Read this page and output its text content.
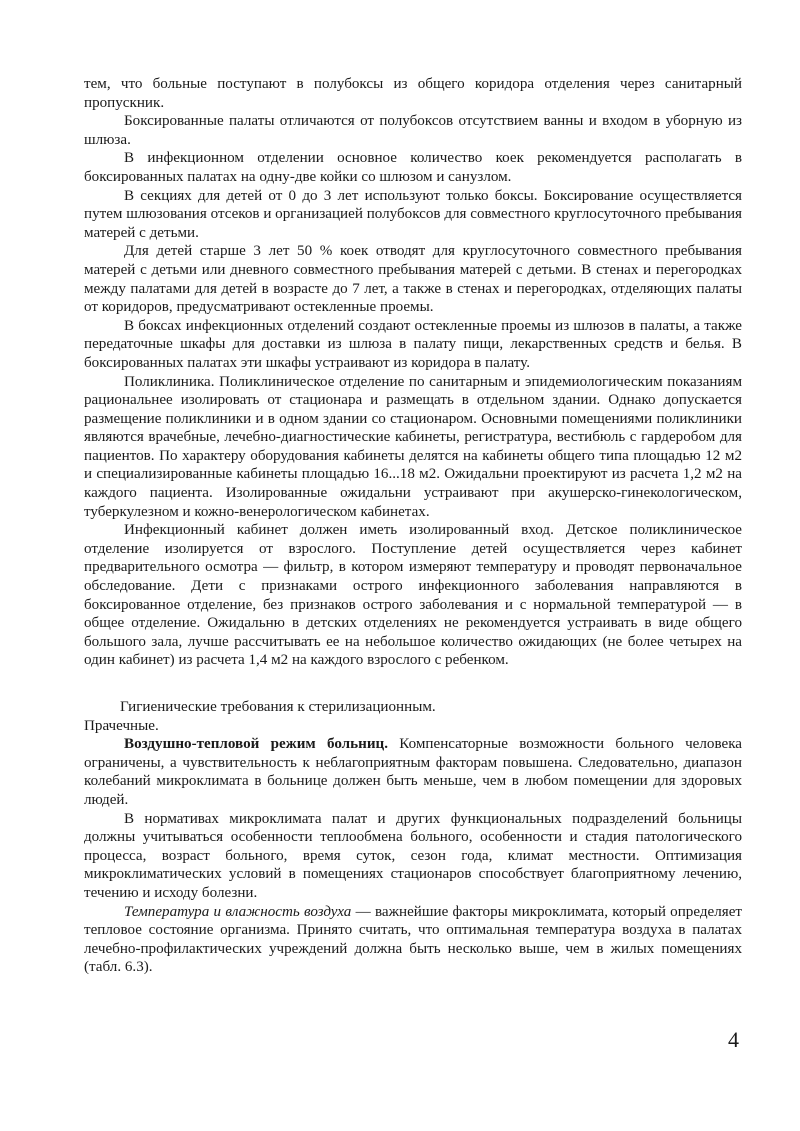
тем, что больные поступают в полубоксы из общего коридора отделения через санитарный пропускник.

Боксированные палаты отличаются от полубоксов отсутствием ванны и входом в уборную из шлюза.

В инфекционном отделении основное количество коек рекомендуется располагать в боксированных палатах на одну-две койки со шлюзом и санузлом.

В секциях для детей от 0 до 3 лет используют только боксы. Боксирование осуществляется путем шлюзования отсеков и организацией полубоксов для совместного круглосуточного пребывания матерей с детьми.

Для детей старше 3 лет 50 % коек отводят для круглосуточного совместного пребывания матерей с детьми или дневного совместного пребывания матерей с детьми. В стенах и перегородках между палатами для детей в возрасте до 7 лет, а также в стенах и перегородках, отделяющих палаты от коридоров, предусматривают остекленные проемы.

В боксах инфекционных отделений создают остекленные проемы из шлюзов в палаты, а также передаточные шкафы для доставки из шлюза в палату пищи, лекарственных средств и белья. В боксированных палатах эти шкафы устраивают из коридора в палату.

Поликлиника. Поликлиническое отделение по санитарным и эпидемиологическим показаниям рациональнее изолировать от стационара и размещать в отдельном здании. Однако допускается размещение поликлиники и в одном здании со стационаром. Основными помещениями поликлиники являются врачебные, лечебно-диагностические кабинеты, регистратура, вестибюль с гардеробом для пациентов. По характеру оборудования кабинеты делятся на кабинеты общего типа площадью 12 м2 и специализированные кабинеты площадью 16...18 м2. Ожидальни проектируют из расчета 1,2 м2 на каждого пациента. Изолированные ожидальни устраивают при акушерско-гинекологическом, туберкулезном и кожно-венерологическом кабинетах.

Инфекционный кабинет должен иметь изолированный вход. Детское поликлиническое отделение изолируется от взрослого. Поступление детей осуществляется через кабинет предварительного осмотра — фильтр, в котором измеряют температуру и проводят первоначальное обследование. Дети с признаками острого инфекционного заболевания направляются в боксированное отделение, без признаков острого заболевания и с нормальной температурой — в общее отделение. Ожидальню в детских отделениях не рекомендуется устраивать в виде общего большого зала, лучше рассчитывать ее на небольшое количество ожидающих (не более четырех на один кабинет) из расчета 1,4 м2 на каждого взрослого с ребенком.

Гигиенические требования к стерилизационным.

Прачечные.

Воздушно-тепловой режим больниц. Компенсаторные возможности больного человека ограничены, а чувствительность к неблагоприятным факторам повышена. Следовательно, диапазон колебаний микроклимата в больнице должен быть меньше, чем в любом помещении для здоровых людей.

В нормативах микроклимата палат и других функциональных подразделений больницы должны учитываться особенности теплообмена больного, особенности и стадия патологического процесса, возраст больного, время суток, сезон года, климат местности. Оптимизация микроклиматических условий в помещениях стационаров способствует благоприятному лечению, течению и исходу болезни.

Температура и влажность воздуха — важнейшие факторы микроклимата, который определяет тепловое состояние организма. Принято считать, что оптимальная температура воздуха в палатах лечебно-профилактических учреждений должна быть несколько выше, чем в жилых помещениях (табл. 6.3).

4
